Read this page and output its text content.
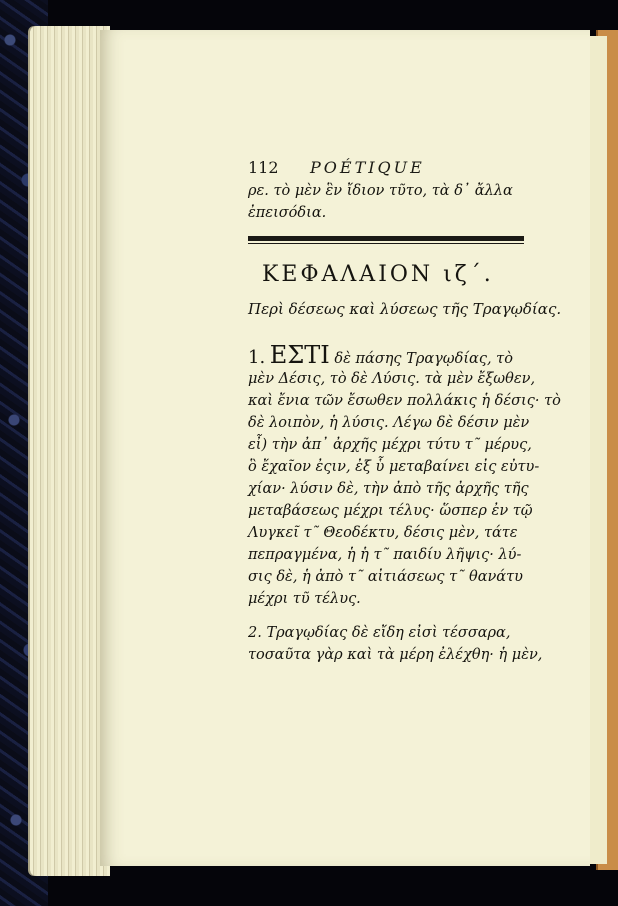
112 POÉTIQUE
ρε. τὸ μὲν ἓν ἴδιον τῦτο, τὰ δ᾽ ἄλλα
ἐπεισόδια.
ΚΕΦΑΛΑΙΟΝ ιζ´.
Περὶ δέσεως καὶ λύσεως τῆς Τραγῳδίας.
1. ΕΣΤΙ δὲ πάσης Τραγῳδίας, τὸ
μὲν Δέσις, τὸ δὲ Λύσις. τὰ μὲν ἔξωθεν,
καὶ ἔνια τῶν ἔσωθεν πολλάκις ἡ δέσις· τὸ
δὲ λοιπὸν, ἡ λύσις. Λέγω δὲ δέσιν μὲν
εἶ) τὴν ἀπ᾽ ἀρχῆς μέχρι τύτυ τ῀ μέρυς,
ὃ ἔχαῖον ἐςιν, ἐξ ὗ μεταβαίνει εἰς εὐτυ-
χίαν· λύσιν δὲ, τὴν ἀπὸ τῆς ἀρχῆς τῆς
μεταβάσεως μέχρι τέλυς· ὥσπερ ἐν τῷ
Λυγκεῖ τ῀ Θεοδέκτυ, δέσις μὲν, τάτε
πεπραγμένα, ἡ ἡ τ῀ παιδίυ λῆψις· λύ-
σις δὲ, ἡ ἀπὸ τ῀ αἰτιάσεως τ῀ θανάτυ
μέχρι τῦ τέλυς.
2. Τραγῳδίας δὲ εἴδη εἰσὶ τέσσαρα,
τοσαῦτα γὰρ καὶ τὰ μέρη ἐλέχθη· ἡ μὲν,
